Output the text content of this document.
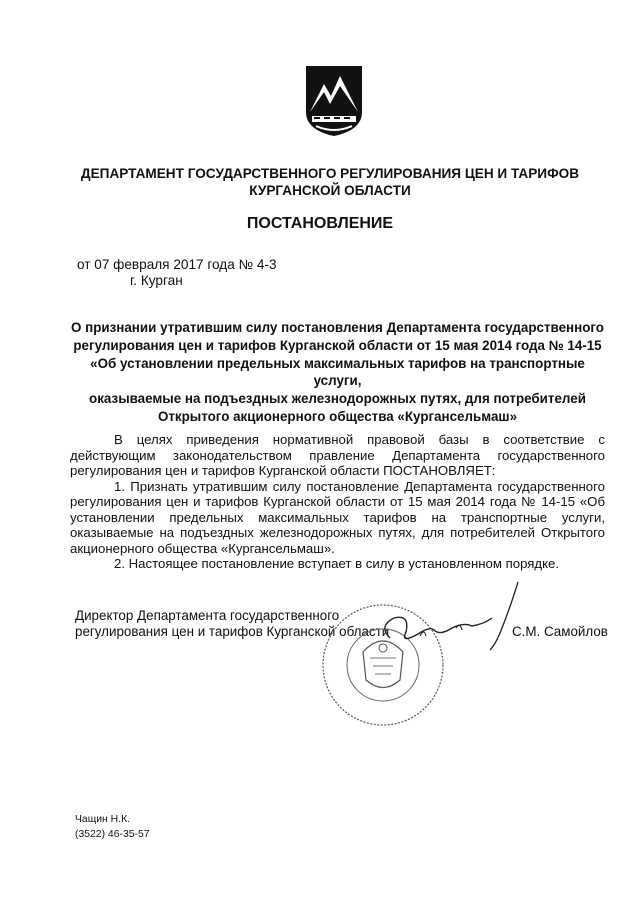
ДЕПАРТАМЕНТ ГОСУДАРСТВЕННОГО РЕГУЛИРОВАНИЯ ЦЕН И ТАРИФОВ
КУРГАНСКОЙ ОБЛАСТИ
ПОСТАНОВЛЕНИЕ
от 07 февраля 2017 года № 4-3
г. Курган
О признании утратившим силу постановления Департамента государственного
регулирования цен и тарифов Курганской области от 15 мая 2014 года № 14-15
«Об установлении предельных максимальных тарифов на транспортные услуги,
оказываемые на подъездных железнодорожных путях, для потребителей
Открытого акционерного общества «Кургансельмаш»

В целях приведения нормативной правовой базы в соответствие с действующим законодательством правление Департамента государственного регулирования цен и тарифов Курганской области ПОСТАНОВЛЯЕТ:

1. Признать утратившим силу постановление Департамента государственного регулирования цен и тарифов Курганской области от 15 мая 2014 года № 14-15 «Об установлении предельных максимальных тарифов на транспортные услуги, оказываемые на подъездных железнодорожных путях, для потребителей Открытого акционерного общества «Кургансельмаш».

2. Настоящее постановление вступает в силу в установленном порядке.

Директор Департамента государственного
регулирования цен и тарифов Курганской области	С.М. Самойлов
Чащин Н.К.
(3522) 46-35-57
